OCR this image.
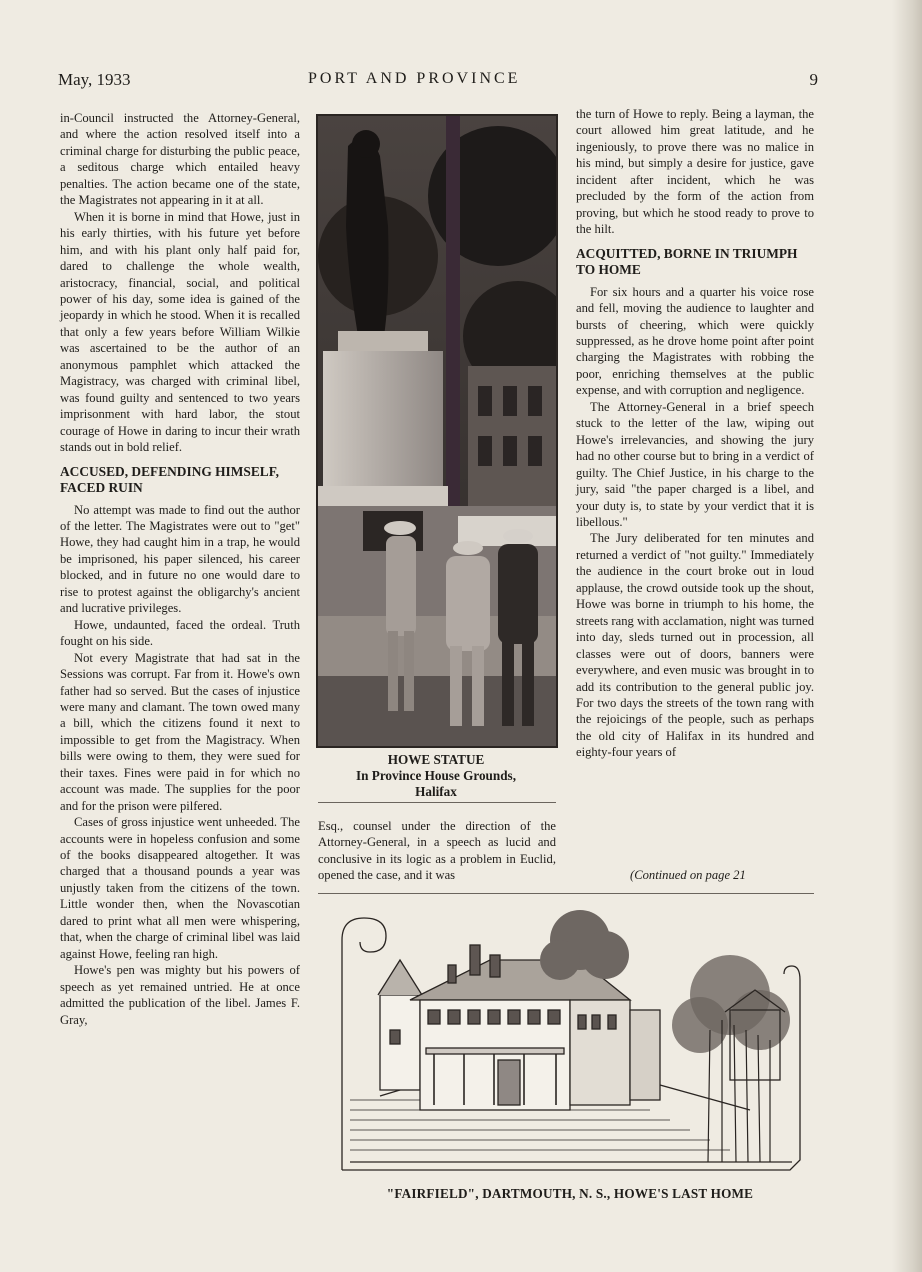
May, 1933	PORT AND PROVINCE	9

in-Council instructed the Attorney-General, and where the action resolved itself into a criminal charge for disturbing the public peace, a seditous charge which entailed heavy penalties. The action became one of the state, the Magistrates not appearing in it at all.

When it is borne in mind that Howe, just in his early thirties, with his future yet before him, and with his plant only half paid for, dared to challenge the whole wealth, aristocracy, financial, social, and political power of his day, some idea is gained of the jeopardy in which he stood. When it is recalled that only a few years before William Wilkie was ascertained to be the author of an anonymous pamphlet which attacked the Magistracy, was charged with criminal libel, was found guilty and sentenced to two years imprisonment with hard labor, the stout courage of Howe in daring to incur their wrath stands out in bold relief.

ACCUSED, DEFENDING HIMSELF, FACED RUIN

No attempt was made to find out the author of the letter. The Magistrates were out to "get" Howe, they had caught him in a trap, he would be imprisoned, his paper silenced, his career blocked, and in future no one would dare to rise to protest against the obligarchy's ancient and lucrative privileges.

Howe, undaunted, faced the ordeal. Truth fought on his side.

Not every Magistrate that had sat in the Sessions was corrupt. Far from it. Howe's own father had so served. But the cases of injustice were many and clamant. The town owed many a bill, which the citizens found it next to impossible to get from the Magistracy. When bills were owing to them, they were sued for their taxes. Fines were paid in for which no account was made. The supplies for the poor and for the prison were pilfered.

Cases of gross injustice went unheeded. The accounts were in hopeless confusion and some of the books disappeared altogether. It was charged that a thousand pounds a year was unjustly taken from the citizens of the town. Little wonder then, when the Novascotian dared to print what all men were whispering, that, when the charge of criminal libel was laid against Howe, feeling ran high.

Howe's pen was mighty but his powers of speech as yet remained untried. He at once admitted the publication of the libel. James F. Gray,

HOWE STATUE
In Province House Grounds,
Halifax

Esq., counsel under the direction of the Attorney-General, in a speech as lucid and conclusive in its logic as a problem in Euclid, opened the case, and it was

the turn of Howe to reply. Being a layman, the court allowed him great latitude, and he ingeniously, to prove there was no malice in his mind, but simply a desire for justice, gave incident after incident, which he was precluded by the form of the action from proving, but which he stood ready to prove to the hilt.

ACQUITTED, BORNE IN TRIUMPH TO HOME

For six hours and a quarter his voice rose and fell, moving the audience to laughter and bursts of cheering, which were quickly suppressed, as he drove home point after point charging the Magistrates with robbing the poor, enriching themselves at the public expense, and with corruption and negligence.

The Attorney-General in a brief speech stuck to the letter of the law, wiping out Howe's irrelevancies, and showing the jury had no other course but to bring in a verdict of guilty. The Chief Justice, in his charge to the jury, said "the paper charged is a libel, and your duty is, to state by your verdict that it is libellous."

The Jury deliberated for ten minutes and returned a verdict of "not guilty." Immediately the audience in the court broke out in loud applause, the crowd outside took up the shout, Howe was borne in triumph to his home, the streets rang with acclamation, night was turned into day, sleds turned out in procession, all classes were out of doors, banners were everywhere, and even music was brought in to add its contribution to the general public joy. For two days the streets of the town rang with the rejoicings of the people, such as perhaps the old city of Halifax in its hundred and eighty-four years of

(Continued on page 21
"FAIRFIELD", DARTMOUTH, N. S., HOWE'S LAST HOME
